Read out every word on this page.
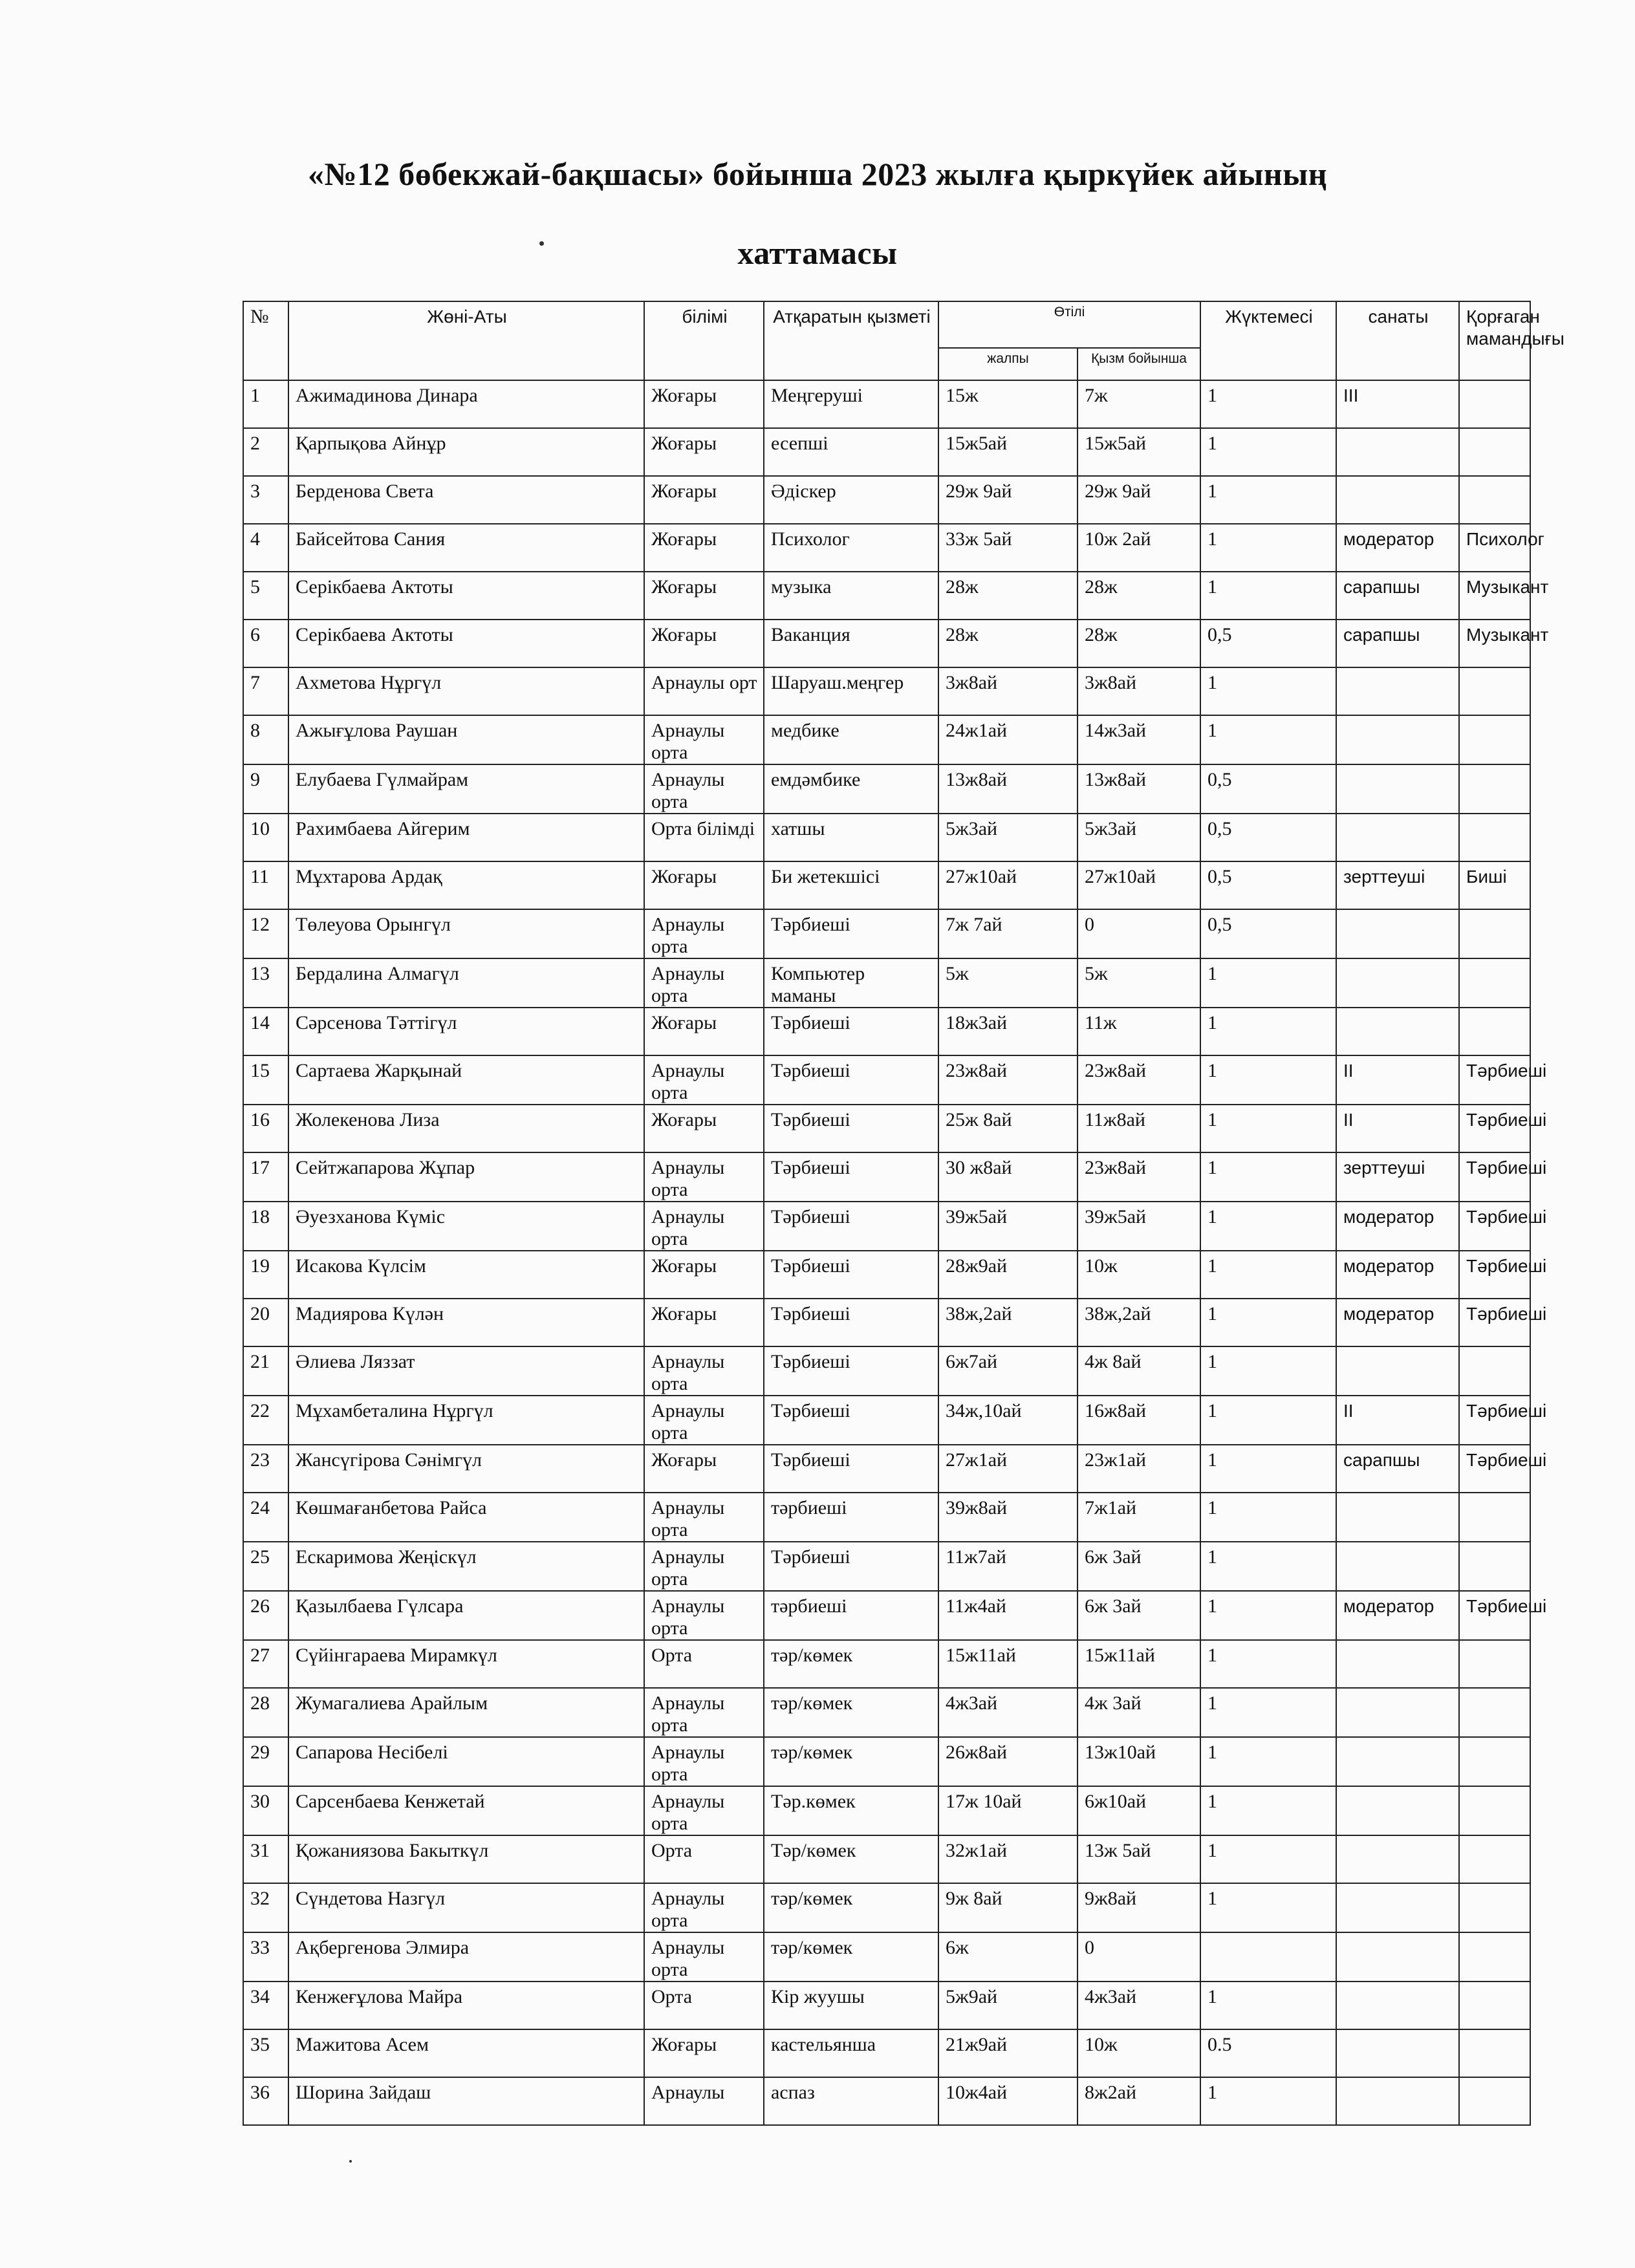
«№12 бөбекжай-бақшасы» бойынша 2023 жылға қыркүйек айының
хаттамасы
№	Жөні-Аты	білімі	Атқаратын қызметі	Өтілі		Жүктемесі	санаты	Қорғаган мамандығы
				жалпы	Қызм бойынша			
1	Ажимадинова Динара	Жоғары	Меңгеруші	15ж	7ж	1	III	
2	Қарпықова Айнұр	Жоғары	есепші	15ж5ай	15ж5ай	1		
3	Берденова Света	Жоғары	Әдіскер	29ж 9ай	29ж 9ай	1		
4	Байсейтова Сания	Жоғары	Психолог	33ж 5ай	10ж 2ай	1	модератор	Психолог
5	Серікбаева Актоты	Жоғары	музыка	28ж	28ж	1	сарапшы	Музыкант
6	Серікбаева Актоты	Жоғары	Ваканция	28ж	28ж	0,5	сарапшы	Музыкант
7	Ахметова Нұргүл	Арнаулы орт	Шаруаш.меңгер	3ж8ай	3ж8ай	1		
8	Ажығұлова Раушан	Арнаулы орта	медбике	24ж1ай	14ж3ай	1		
9	Елубаева Гүлмайрам	Арнаулы орта	емдәмбике	13ж8ай	13ж8ай	0,5		
10	Рахимбаева Айгерим	Орта білімді	хатшы	5ж3ай	5ж3ай	0,5		
11	Мұхтарова Ардақ	Жоғары	Би жетекшісі	27ж10ай	27ж10ай	0,5	зерттеуші	Биші
12	Төлеуова Орынгүл	Арнаулы орта	Тәрбиеші	7ж 7ай	0	0,5		
13	Бердалина Алмагүл	Арнаулы орта	Компьютер маманы	5ж	5ж	1		
14	Сәрсенова Тәттігүл	Жоғары	Тәрбиеші	18ж3ай	11ж	1		
15	Сартаева Жарқынай	Арнаулы орта	Тәрбиеші	23ж8ай	23ж8ай	1	II	Тәрбиеші
16	Жолекенова Лиза	Жоғары	Тәрбиеші	25ж 8ай	11ж8ай	1	II	Тәрбиеші
17	Сейтжапарова Жұпар	Арнаулы орта	Тәрбиеші	30 ж8ай	23ж8ай	1	зерттеуші	Тәрбиеші
18	Әуезханова Күміс	Арнаулы орта	Тәрбиеші	39ж5ай	39ж5ай	1	модератор	Тәрбиеші
19	Исакова Күлсім	Жоғары	Тәрбиеші	28ж9ай	10ж	1	модератор	Тәрбиеші
20	Мадиярова Күлән	Жоғары	Тәрбиеші	38ж,2ай	38ж,2ай	1	модератор	Тәрбиеші
21	Әлиева Ляззат	Арнаулы орта	Тәрбиеші	6ж7ай	4ж 8ай	1		
22	Мұхамбеталина Нұргүл	Арнаулы орта	Тәрбиеші	34ж,10ай	16ж8ай	1	II	Тәрбиеші
23	Жансүгірова Сәнімгүл	Жоғары	Тәрбиеші	27ж1ай	23ж1ай	1	сарапшы	Тәрбиеші
24	Көшмағанбетова Райса	Арнаулы орта	тәрбиеші	39ж8ай	7ж1ай	1		
25	Ескаримова Жеңіскүл	Арнаулы орта	Тәрбиеші	11ж7ай	6ж 3ай	1		
26	Қазылбаева Гүлсара	Арнаулы орта	тәрбиеші	11ж4ай	6ж 3ай	1	модератор	Тәрбиеші
27	Сүйінгараева Мирамкүл	Орта	тәр/көмек	15ж11ай	15ж11ай	1		
28	Жумагалиева Арайлым	Арнаулы орта	тәр/көмек	4ж3ай	4ж 3ай	1		
29	Сапарова Несібелі	Арнаулы орта	тәр/көмек	26ж8ай	13ж10ай	1		
30	Сарсенбаева Кенжетай	Арнаулы орта	Тәр.көмек	17ж 10ай	6ж10ай	1		
31	Қожаниязова Бакыткүл	Орта	Тәр/көмек	32ж1ай	13ж 5ай	1		
32	Сүндетова Назгүл	Арнаулы орта	тәр/көмек	9ж 8ай	9ж8ай	1		
33	Ақбергенова Элмира	Арнаулы орта	тәр/көмек	6ж	0			
34	Кенжеғұлова Майра	Орта	Кір жуушы	5ж9ай	4ж3ай	1		
35	Мажитова Асем	Жоғары	кастельянша	21ж9ай	10ж	0.5		
36	Шорина Зайдаш	Арнаулы	аспаз	10ж4ай	8ж2ай	1		
